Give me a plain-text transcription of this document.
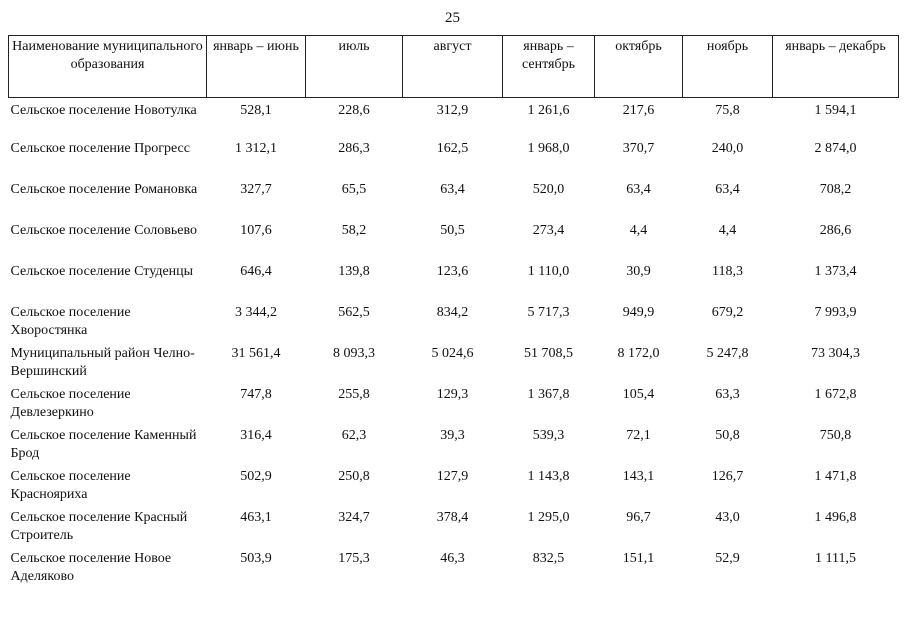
25
Наименование муниципального образования	январь – июнь	июль	август	январь – сентябрь	октябрь	ноябрь	январь – декабрь
Сельское поселение Новотулка	528,1	228,6	312,9	1 261,6	217,6	75,8	1 594,1
Сельское поселение Прогресс	1 312,1	286,3	162,5	1 968,0	370,7	240,0	2 874,0
Сельское поселение Романовка	327,7	65,5	63,4	520,0	63,4	63,4	708,2
Сельское поселение Соловьево	107,6	58,2	50,5	273,4	4,4	4,4	286,6
Сельское поселение Студенцы	646,4	139,8	123,6	1 110,0	30,9	118,3	1 373,4
Сельское поселение Хворостянка	3 344,2	562,5	834,2	5 717,3	949,9	679,2	7 993,9
Муниципальный район Челно-Вершинский	31 561,4	8 093,3	5 024,6	51 708,5	8 172,0	5 247,8	73 304,3
Сельское поселение Девлезеркино	747,8	255,8	129,3	1 367,8	105,4	63,3	1 672,8
Сельское поселение Каменный Брод	316,4	62,3	39,3	539,3	72,1	50,8	750,8
Сельское поселение Краснояриха	502,9	250,8	127,9	1 143,8	143,1	126,7	1 471,8
Сельское поселение Красный Строитель	463,1	324,7	378,4	1 295,0	96,7	43,0	1 496,8
Сельское поселение Новое Аделяково	503,9	175,3	46,3	832,5	151,1	52,9	1 111,5
